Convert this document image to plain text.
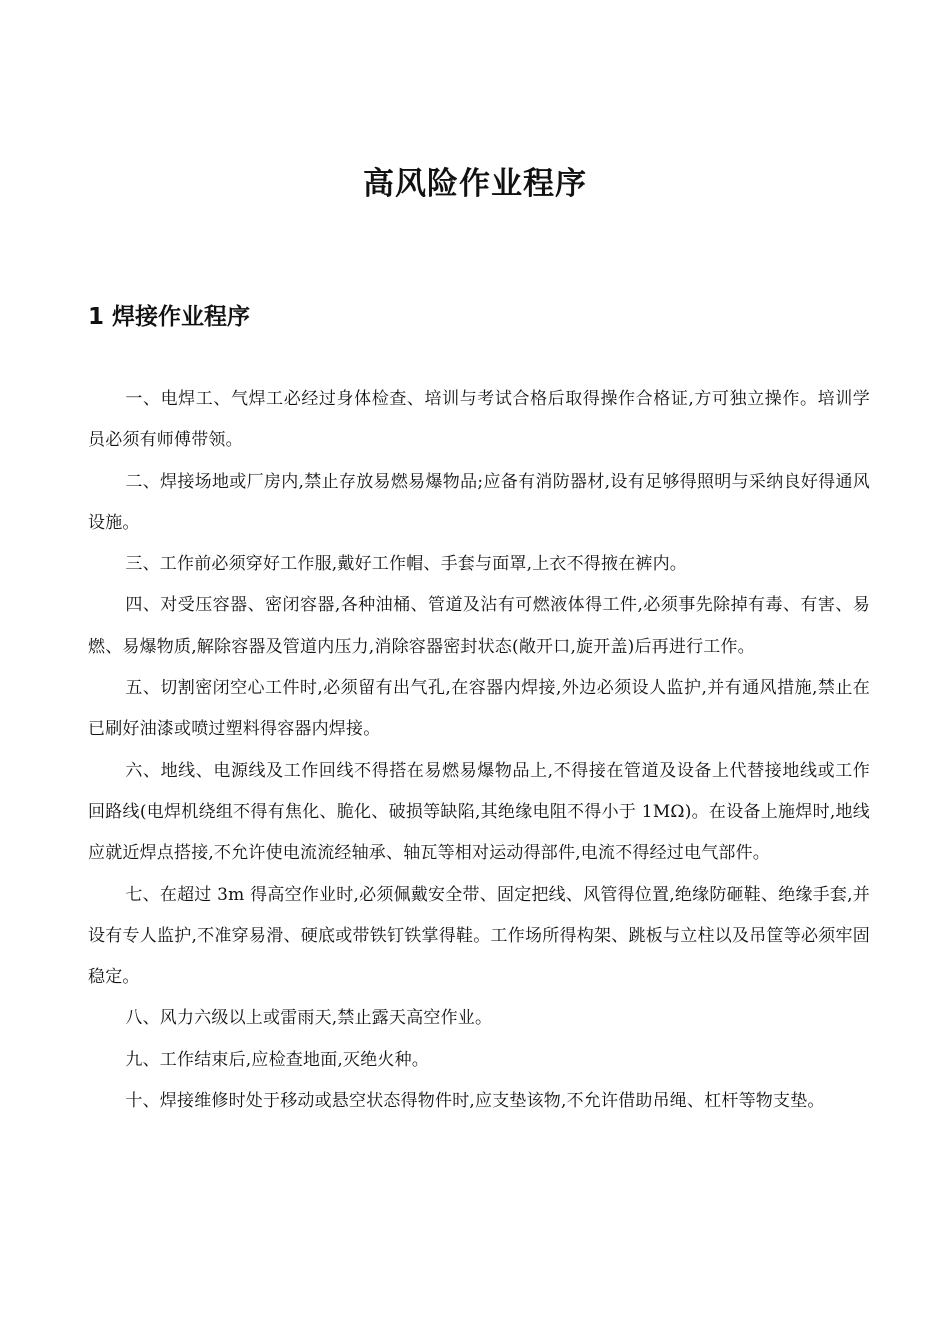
高风险作业程序
1 焊接作业程序

一、电焊工、气焊工必经过身体检查、培训与考试合格后取得操作合格证,方可独立操作。培训学员必须有师傅带领。

二、焊接场地或厂房内,禁止存放易燃易爆物品;应备有消防器材,设有足够得照明与采纳良好得通风设施。

三、工作前必须穿好工作服,戴好工作帽、手套与面罩,上衣不得掖在裤内。

四、对受压容器、密闭容器,各种油桶、管道及沾有可燃液体得工件,必须事先除掉有毒、有害、易燃、易爆物质,解除容器及管道内压力,消除容器密封状态(敞开口,旋开盖)后再进行工作。

五、切割密闭空心工件时,必须留有出气孔,在容器内焊接,外边必须设人监护,并有通风措施,禁止在已刷好油漆或喷过塑料得容器内焊接。

六、地线、电源线及工作回线不得搭在易燃易爆物品上,不得接在管道及设备上代替接地线或工作回路线(电焊机绕组不得有焦化、脆化、破损等缺陷,其绝缘电阻不得小于 1MΩ)。在设备上施焊时,地线应就近焊点搭接,不允许使电流流经轴承、轴瓦等相对运动得部件,电流不得经过电气部件。

七、在超过 3m 得高空作业时,必须佩戴安全带、固定把线、风管得位置,绝缘防砸鞋、绝缘手套,并设有专人监护,不准穿易滑、硬底或带铁钉铁掌得鞋。工作场所得构架、跳板与立柱以及吊筐等必须牢固稳定。

八、风力六级以上或雷雨天,禁止露天高空作业。

九、工作结束后,应检查地面,灭绝火种。

十、焊接维修时处于移动或悬空状态得物件时,应支垫该物,不允许借助吊绳、杠杆等物支垫。
